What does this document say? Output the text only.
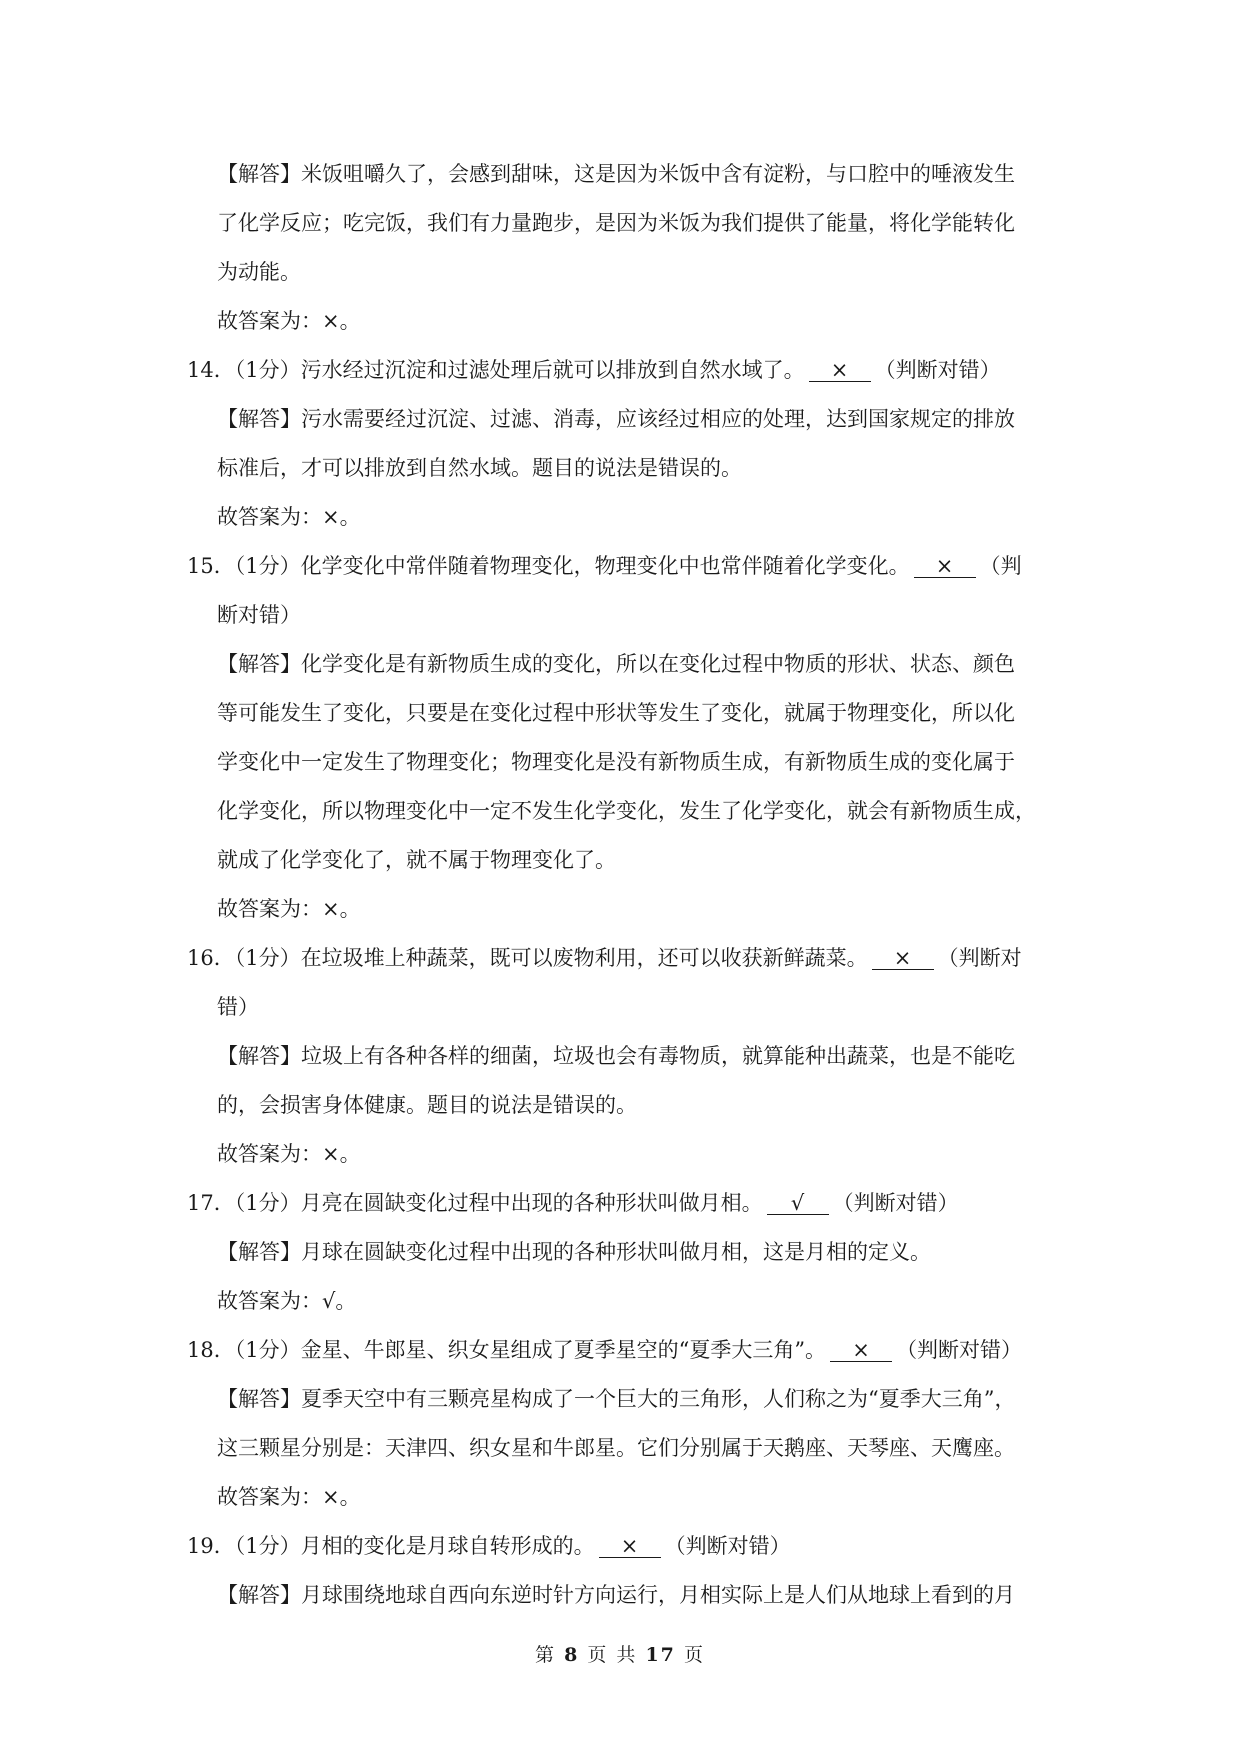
【解答】米饭咀嚼久了，会感到甜味，这是因为米饭中含有淀粉，与口腔中的唾液发生
了化学反应；吃完饭，我们有力量跑步，是因为米饭为我们提供了能量，将化学能转化
为动能。
故答案为：×。
14．（1分）污水经过沉淀和过滤处理后就可以排放到自然水域了。 × （判断对错）
【解答】污水需要经过沉淀、过滤、消毒，应该经过相应的处理，达到国家规定的排放
标准后，才可以排放到自然水域。题目的说法是错误的。
故答案为：×。
15．（1分）化学变化中常伴随着物理变化，物理变化中也常伴随着化学变化。 × （判
断对错）
【解答】化学变化是有新物质生成的变化，所以在变化过程中物质的形状、状态、颜色
等可能发生了变化，只要是在变化过程中形状等发生了变化，就属于物理变化，所以化
学变化中一定发生了物理变化；物理变化是没有新物质生成，有新物质生成的变化属于
化学变化，所以物理变化中一定不发生化学变化，发生了化学变化，就会有新物质生成，
就成了化学变化了，就不属于物理变化了。
故答案为：×。
16．（1分）在垃圾堆上种蔬菜，既可以废物利用，还可以收获新鲜蔬菜。 × （判断对
错）
【解答】垃圾上有各种各样的细菌，垃圾也会有毒物质，就算能种出蔬菜，也是不能吃
的，会损害身体健康。题目的说法是错误的。
故答案为：×。
17．（1分）月亮在圆缺变化过程中出现的各种形状叫做月相。 √ （判断对错）
【解答】月球在圆缺变化过程中出现的各种形状叫做月相，这是月相的定义。
故答案为：√。
18．（1分）金星、牛郎星、织女星组成了夏季星空的“夏季大三角”。 × （判断对错）
【解答】夏季天空中有三颗亮星构成了一个巨大的三角形，人们称之为“夏季大三角”，
这三颗星分别是：天津四、织女星和牛郎星。它们分别属于天鹅座、天琴座、天鹰座。
故答案为：×。
19．（1分）月相的变化是月球自转形成的。 × （判断对错）
【解答】月球围绕地球自西向东逆时针方向运行，月相实际上是人们从地球上看到的月
第 8 页 共 17 页
